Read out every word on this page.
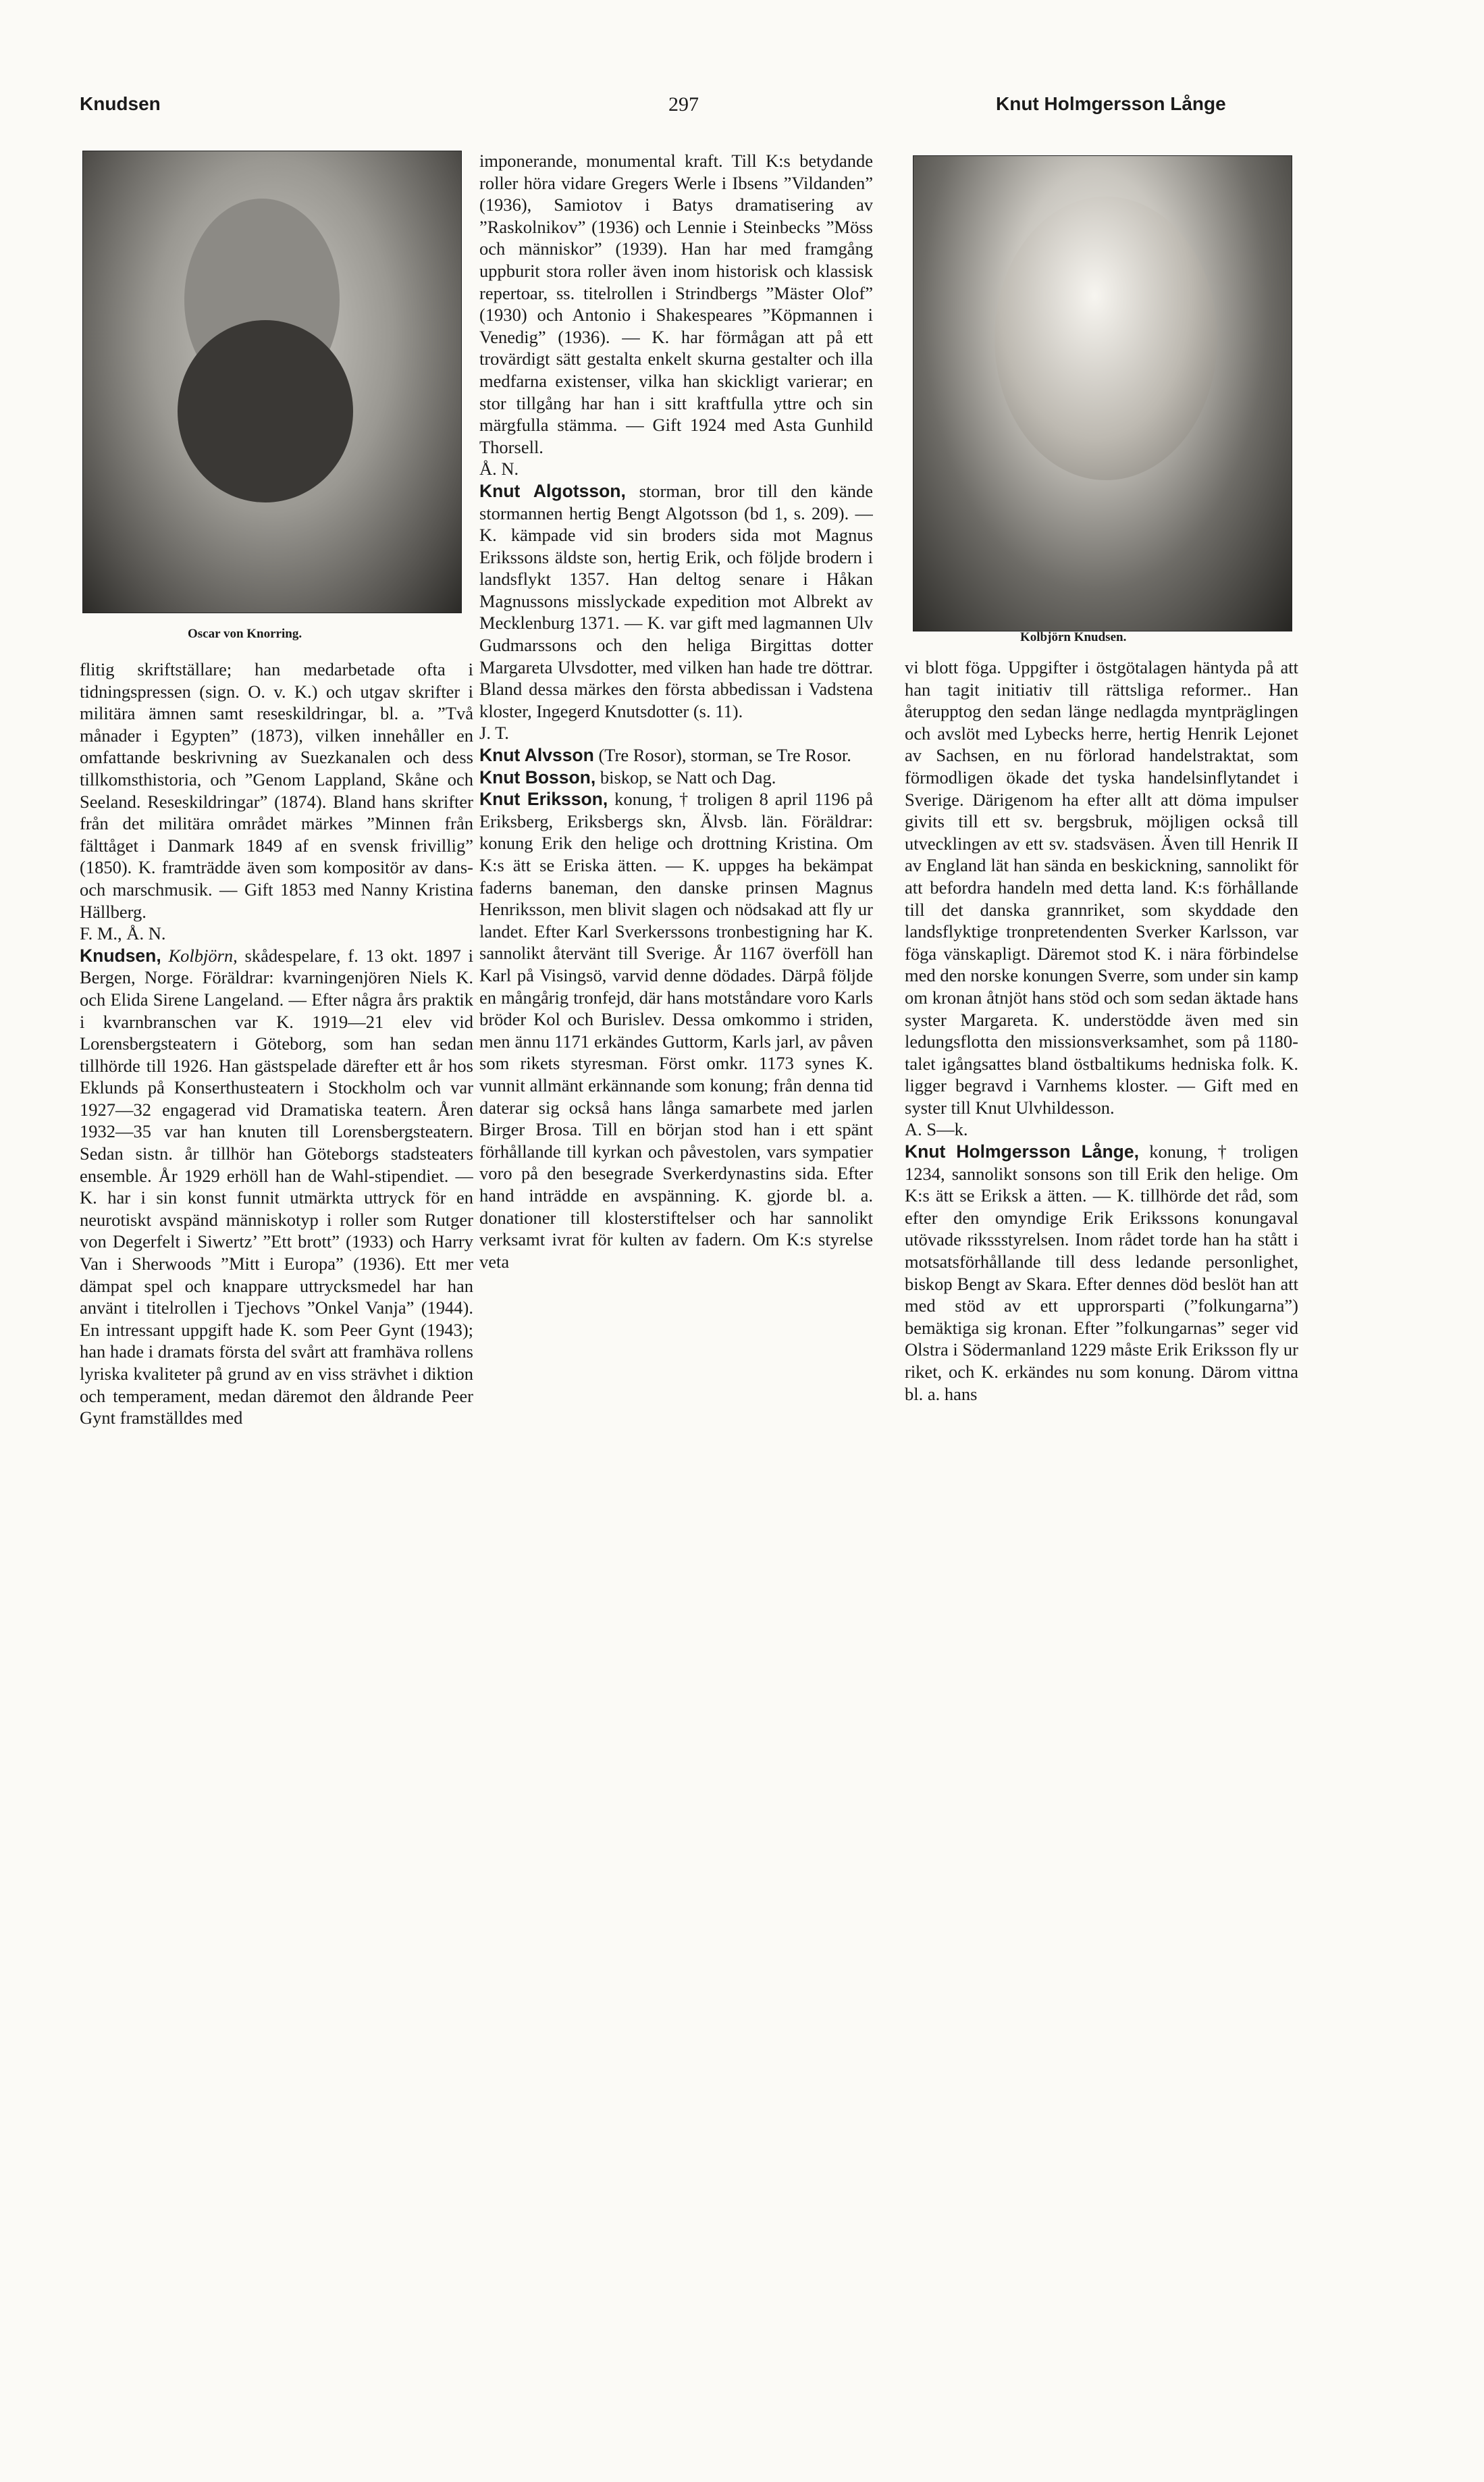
Knudsen	297	Knut Holmgersson Långe
Oscar von Knorring.	Kolbjörn Knudsen.

flitig skriftställare; han medarbetade ofta i tidningspressen (sign. O. v. K.) och utgav skrifter i militära ämnen samt reseskildringar, bl. a. ”Två månader i Egypten” (1873), vilken innehåller en omfattande beskrivning av Suezkanalen och dess tillkomsthistoria, och ”Genom Lappland, Skåne och Seeland. Reseskildringar” (1874). Bland hans skrifter från det militära området märkes ”Minnen från fälttåget i Danmark 1849 af en svensk frivillig” (1850). K. framträdde även som kompositör av dans- och marschmusik. — Gift 1853 med Nanny Kristina Hällberg.

F. M., Å. N.

Knudsen, Kolbjörn, skådespelare, f. 13 okt. 1897 i Bergen, Norge. Föräldrar: kvarningenjören Niels K. och Elida Sirene Langeland. — Efter några års praktik i kvarnbranschen var K. 1919—21 elev vid Lorensbergsteatern i Göteborg, som han sedan tillhörde till 1926. Han gästspelade därefter ett år hos Eklunds på Konserthusteatern i Stockholm och var 1927—32 engagerad vid Dramatiska teatern. Åren 1932—35 var han knuten till Lorensbergsteatern. Sedan sistn. år tillhör han Göteborgs stadsteaters ensemble. År 1929 erhöll han de Wahl-stipendiet. — K. har i sin konst funnit utmärkta uttryck för en neurotiskt avspänd människotyp i roller som Rutger von Degerfelt i Siwertz’ ”Ett brott” (1933) och Harry Van i Sherwoods ”Mitt i Europa” (1936). Ett mer dämpat spel och knappare uttrycksmedel har han använt i titelrollen i Tjechovs ”Onkel Vanja” (1944). En intressant uppgift hade K. som Peer Gynt (1943); han hade i dramats första del svårt att framhäva rollens lyriska kvaliteter på grund av en viss strävhet i diktion och temperament, medan däremot den åldrande Peer Gynt framställdes med

imponerande, monumental kraft. Till K:s betydande roller höra vidare Gregers Werle i Ibsens ”Vildanden” (1936), Samiotov i Batys dramatisering av ”Raskolnikov” (1936) och Lennie i Steinbecks ”Möss och människor” (1939). Han har med framgång uppburit stora roller även inom historisk och klassisk repertoar, ss. titelrollen i Strindbergs ”Mäster Olof” (1930) och Antonio i Shakespeares ”Köpmannen i Venedig” (1936). — K. har förmågan att på ett trovärdigt sätt gestalta enkelt skurna gestalter och illa medfarna existenser, vilka han skickligt varierar; en stor tillgång har han i sitt kraftfulla yttre och sin märgfulla stämma. — Gift 1924 med Asta Gunhild Thorsell.

Å. N.

Knut Algotsson, storman, bror till den kände stormannen hertig Bengt Algotsson (bd 1, s. 209). — K. kämpade vid sin broders sida mot Magnus Erikssons äldste son, hertig Erik, och följde brodern i landsflykt 1357. Han deltog senare i Håkan Magnussons misslyckade expedition mot Albrekt av Mecklenburg 1371. — K. var gift med lagmannen Ulv Gudmarssons och den heliga Birgittas dotter Margareta Ulvsdotter, med vilken han hade tre döttrar. Bland dessa märkes den första abbedissan i Vadstena kloster, Ingegerd Knutsdotter (s. 11).

J. T.

Knut Alvsson (Tre Rosor), storman, se Tre Rosor.

Knut Bosson, biskop, se Natt och Dag.

Knut Eriksson, konung, † troligen 8 april 1196 på Eriksberg, Eriksbergs skn, Älvsb. län. Föräldrar: konung Erik den helige och drottning Kristina. Om K:s ätt se Eriska ätten. — K. uppges ha bekämpat faderns baneman, den danske prinsen Magnus Henriksson, men blivit slagen och nödsakad att fly ur landet. Efter Karl Sverkerssons tronbestigning har K. sannolikt återvänt till Sverige. År 1167 överföll han Karl på Visingsö, varvid denne dödades. Därpå följde en mångårig tronfejd, där hans motståndare voro Karls bröder Kol och Burislev. Dessa omkommo i striden, men ännu 1171 erkändes Guttorm, Karls jarl, av påven som rikets styresman. Först omkr. 1173 synes K. vunnit allmänt erkännande som konung; från denna tid daterar sig också hans långa samarbete med jarlen Birger Brosa. Till en början stod han i ett spänt förhållande till kyrkan och påvestolen, vars sympatier voro på den besegrade Sverkerdynastins sida. Efter hand inträdde en avspänning. K. gjorde bl. a. donationer till klosterstiftelser och har sannolikt verksamt ivrat för kulten av fadern. Om K:s styrelse veta

vi blott föga. Uppgifter i östgötalagen häntyda på att han tagit initiativ till rättsliga reformer.. Han återupptog den sedan länge nedlagda myntpräglingen och avslöt med Lybecks herre, hertig Henrik Lejonet av Sachsen, en nu förlorad handelstraktat, som förmodligen ökade det tyska handelsinflytandet i Sverige. Därigenom ha efter allt att döma impulser givits till ett sv. bergsbruk, möjligen också till utvecklingen av ett sv. stadsväsen. Även till Henrik II av England lät han sända en beskickning, sannolikt för att befordra handeln med detta land. K:s förhållande till det danska grannriket, som skyddade den landsflyktige tronpretendenten Sverker Karlsson, var föga vänskapligt. Däremot stod K. i nära förbindelse med den norske konungen Sverre, som under sin kamp om kronan åtnjöt hans stöd och som sedan äktade hans syster Margareta. K. understödde även med sin ledungsflotta den missionsverksamhet, som på 1180-talet igångsattes bland östbaltikums hedniska folk. K. ligger begravd i Varnhems kloster. — Gift med en syster till Knut Ulvhildesson.

A. S—k.

Knut Holmgersson Långe, konung, † troligen 1234, sannolikt sonsons son till Erik den helige. Om K:s ätt se Eriksk a ätten. — K. tillhörde det råd, som efter den omyndige Erik Erikssons konungaval utövade rikssstyrelsen. Inom rådet torde han ha stått i motsatsförhållande till dess ledande personlighet, biskop Bengt av Skara. Efter dennes död beslöt han att med stöd av ett upprorsparti (”folkungarna”) bemäktiga sig kronan. Efter ”folkungarnas” seger vid Olstra i Södermanland 1229 måste Erik Eriksson fly ur riket, och K. erkändes nu som konung. Därom vittna bl. a. hans
